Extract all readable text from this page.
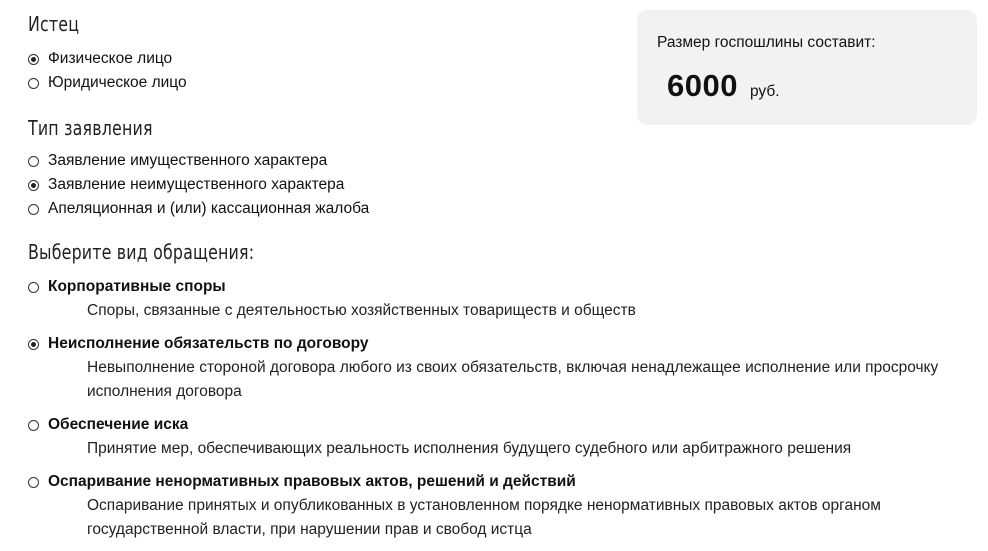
Истец
Физическое лицо
Юридическое лицо
Тип заявления
Заявление имущественного характера
Заявление неимущественного характера
Апеляционная и (или) кассационная жалоба
Выберите вид обращения:
Корпоративные споры
Споры, связанные с деятельностью хозяйственных товариществ и обществ
Неисполнение обязательств по договору
Невыполнение стороной договора любого из своих обязательств, включая ненадлежащее исполнение или просрочку исполнения договора
Обеспечение иска
Принятие мер, обеспечивающих реальность исполнения будущего судебного или арбитражного решения
Оспаривание ненормативных правовых актов, решений и действий
Оспаривание принятых и опубликованных в установленном порядке ненормативных правовых актов органом государственной власти, при нарушении прав и свобод истца
Размер госпошлины составит:
6000 руб.
